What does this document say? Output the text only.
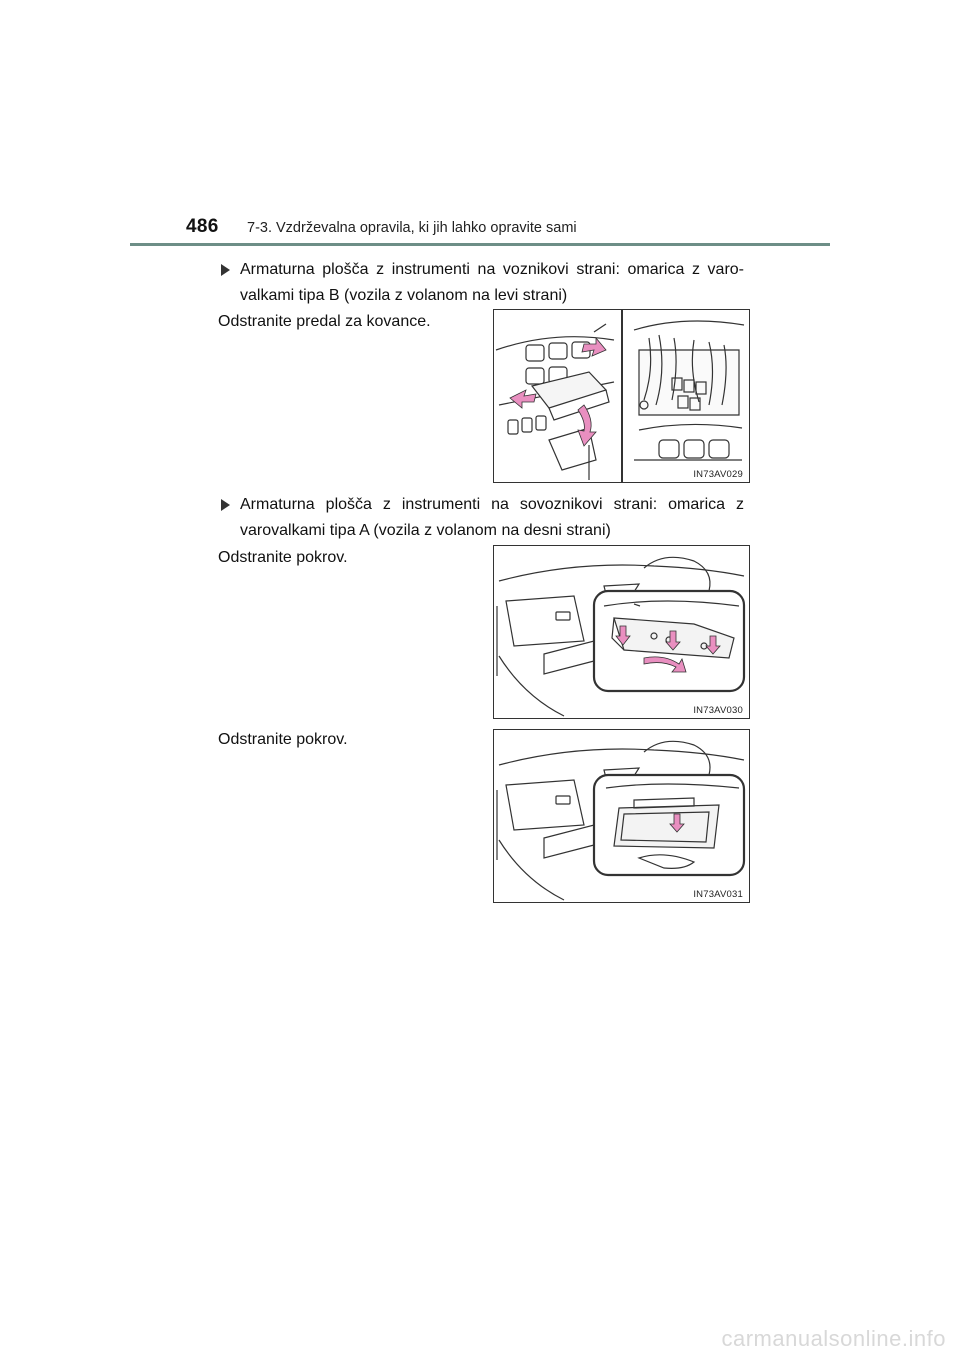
486 7-3. Vzdrževalna opravila, ki jih lahko opravite sami
Armaturna plošča z instrumenti na voznikovi strani: omarica z varo-valkami tipa B (vozila z volanom na levi strani)
Odstranite predal za kovance.
IN73AV029
Armaturna plošča z instrumenti na sovoznikovi strani: omarica z varovalkami tipa A (vozila z volanom na desni strani)
Odstranite pokrov.
IN73AV030
Odstranite pokrov.
IN73AV031
carmanualsonline.info
